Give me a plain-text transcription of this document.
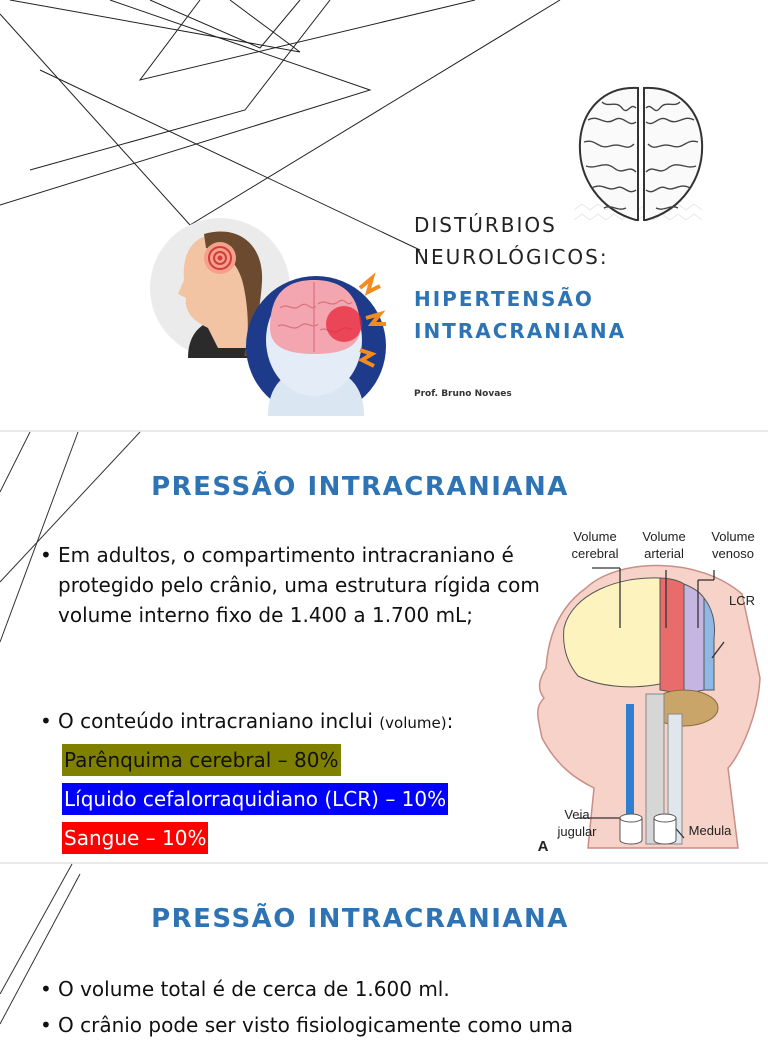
DISTÚRBIOS
NEUROLÓGICOS:
HIPERTENSÃO
INTRACRANIANA
Prof. Bruno Novaes
PRESSÃO INTRACRANIANA
• Em adultos, o compartimento intracraniano é protegido pelo crânio, uma estrutura rígida com volume interno fixo de 1.400 a 1.700 mL;
• O conteúdo intracraniano inclui (volume):
Parênquima cerebral – 80%
Líquido cefalorraquidiano (LCR) – 10%
Sangue – 10%
Volume
cerebral
Volume
arterial
Volume
venoso
LCR
Veia
jugular	Medula
A
PRESSÃO INTRACRANIANA
• O volume total é de cerca de 1.600 ml.
• O crânio pode ser visto fisiologicamente como uma
